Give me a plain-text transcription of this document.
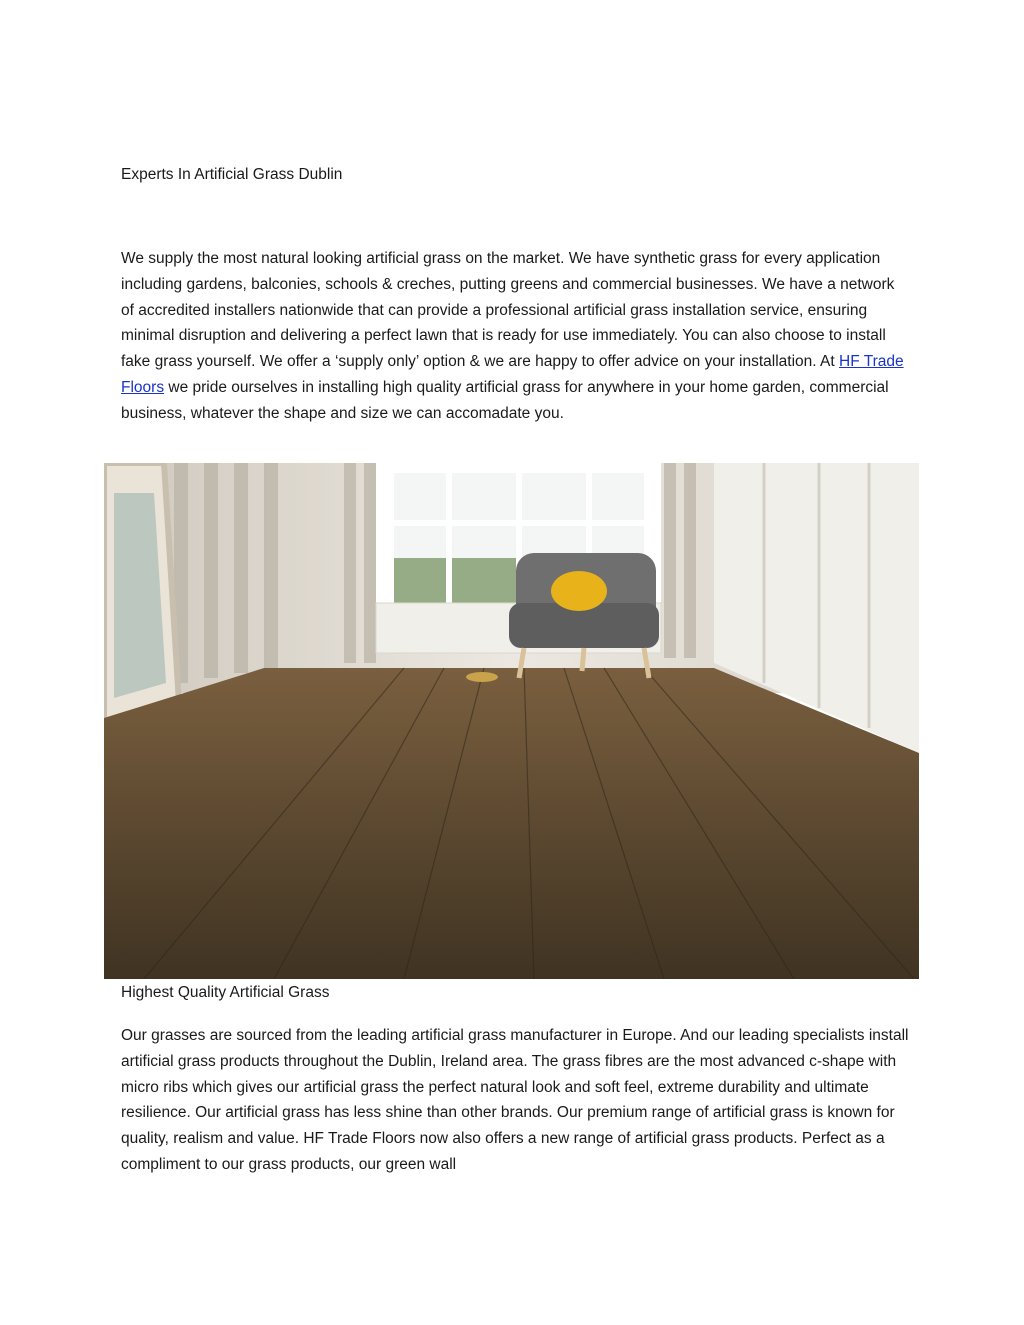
Experts In Artificial Grass Dublin

We supply the most natural looking artificial grass on the market. We have synthetic grass for every application including gardens, balconies, schools & creches, putting greens and commercial businesses. We have a network of accredited installers nationwide that can provide a professional artificial grass installation service, ensuring minimal disruption and delivering a perfect lawn that is ready for use immediately. You can also choose to install fake grass yourself. We offer a ‘supply only’ option & we are happy to offer advice on your installation. At HF Trade Floors we pride ourselves in installing high quality artificial grass for anywhere in your home garden, commercial business, whatever the shape and size we can accomadate you.

Highest Quality Artificial Grass

Our grasses are sourced from the leading artificial grass manufacturer in Europe. And our leading specialists install artificial grass products throughout the Dublin, Ireland area. The grass fibres are the most advanced c-shape with micro ribs which gives our artificial grass the perfect natural look and soft feel, extreme durability and ultimate resilience. Our artificial grass has less shine than other brands. Our premium range of artificial grass is known for quality, realism and value. HF Trade Floors now also offers a new range of artificial grass products. Perfect as a compliment to our grass products, our green wall
